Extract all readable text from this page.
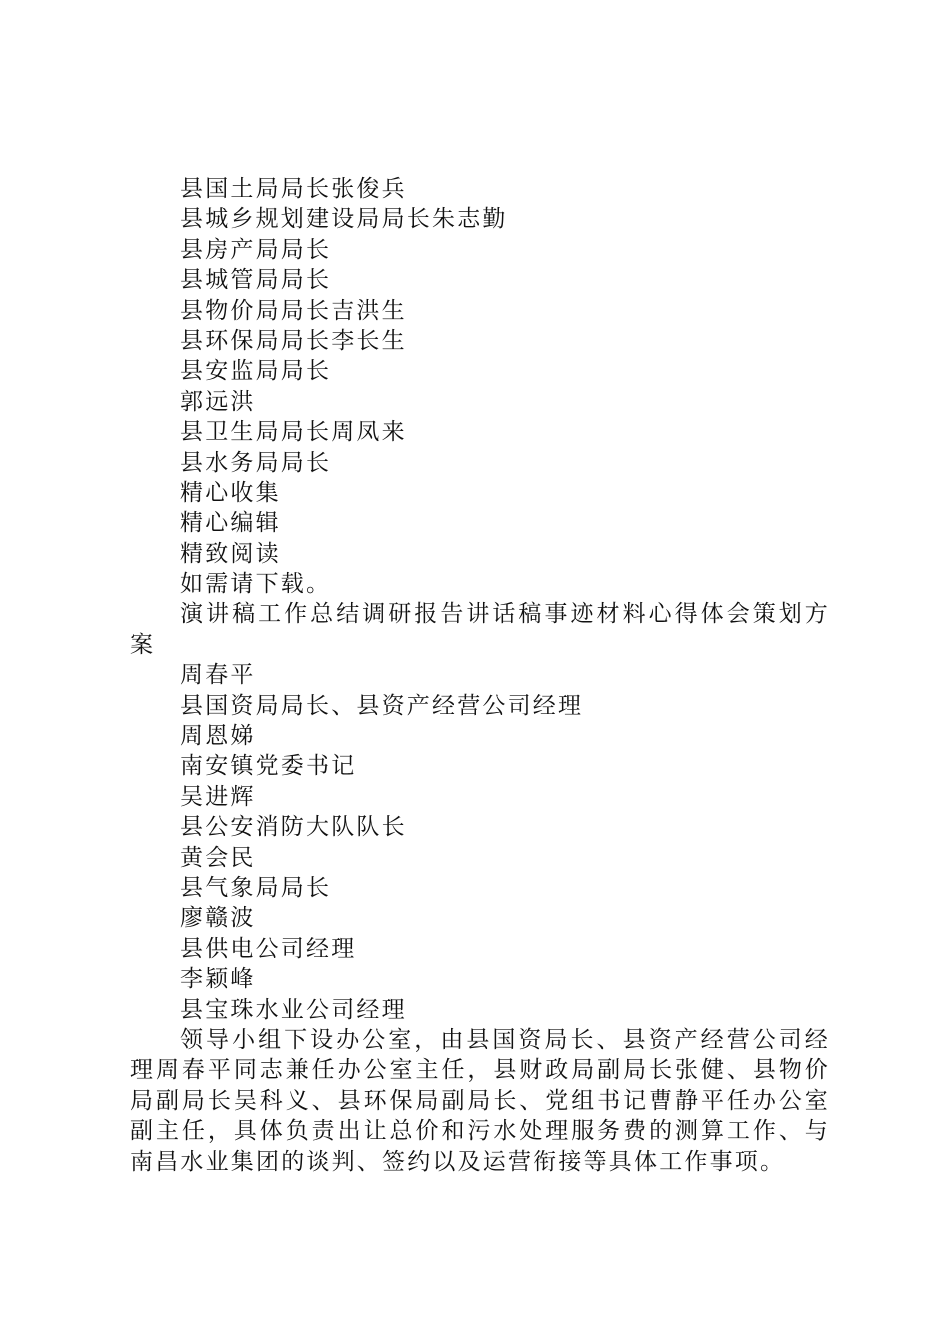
县国土局局长张俊兵
县城乡规划建设局局长朱志勤
县房产局局长
县城管局局长
县物价局局长吉洪生
县环保局局长李长生
县安监局局长
郭远洪
县卫生局局长周凤来
县水务局局长
精心收集
精心编辑
精致阅读
如需请下载。

演讲稿工作总结调研报告讲话稿事迹材料心得体会策划方案

周春平
县国资局局长、县资产经营公司经理
周恩娣
南安镇党委书记
吴进辉
县公安消防大队队长
黄会民
县气象局局长
廖赣波
县供电公司经理
李颖峰
县宝珠水业公司经理

领导小组下设办公室，由县国资局长、县资产经营公司经理周春平同志兼任办公室主任，县财政局副局长张健、县物价局副局长吴科义、县环保局副局长、党组书记曹静平任办公室副主任，具体负责出让总价和污水处理服务费的测算工作、与南昌水业集团的谈判、签约以及运营衔接等具体工作事项。
